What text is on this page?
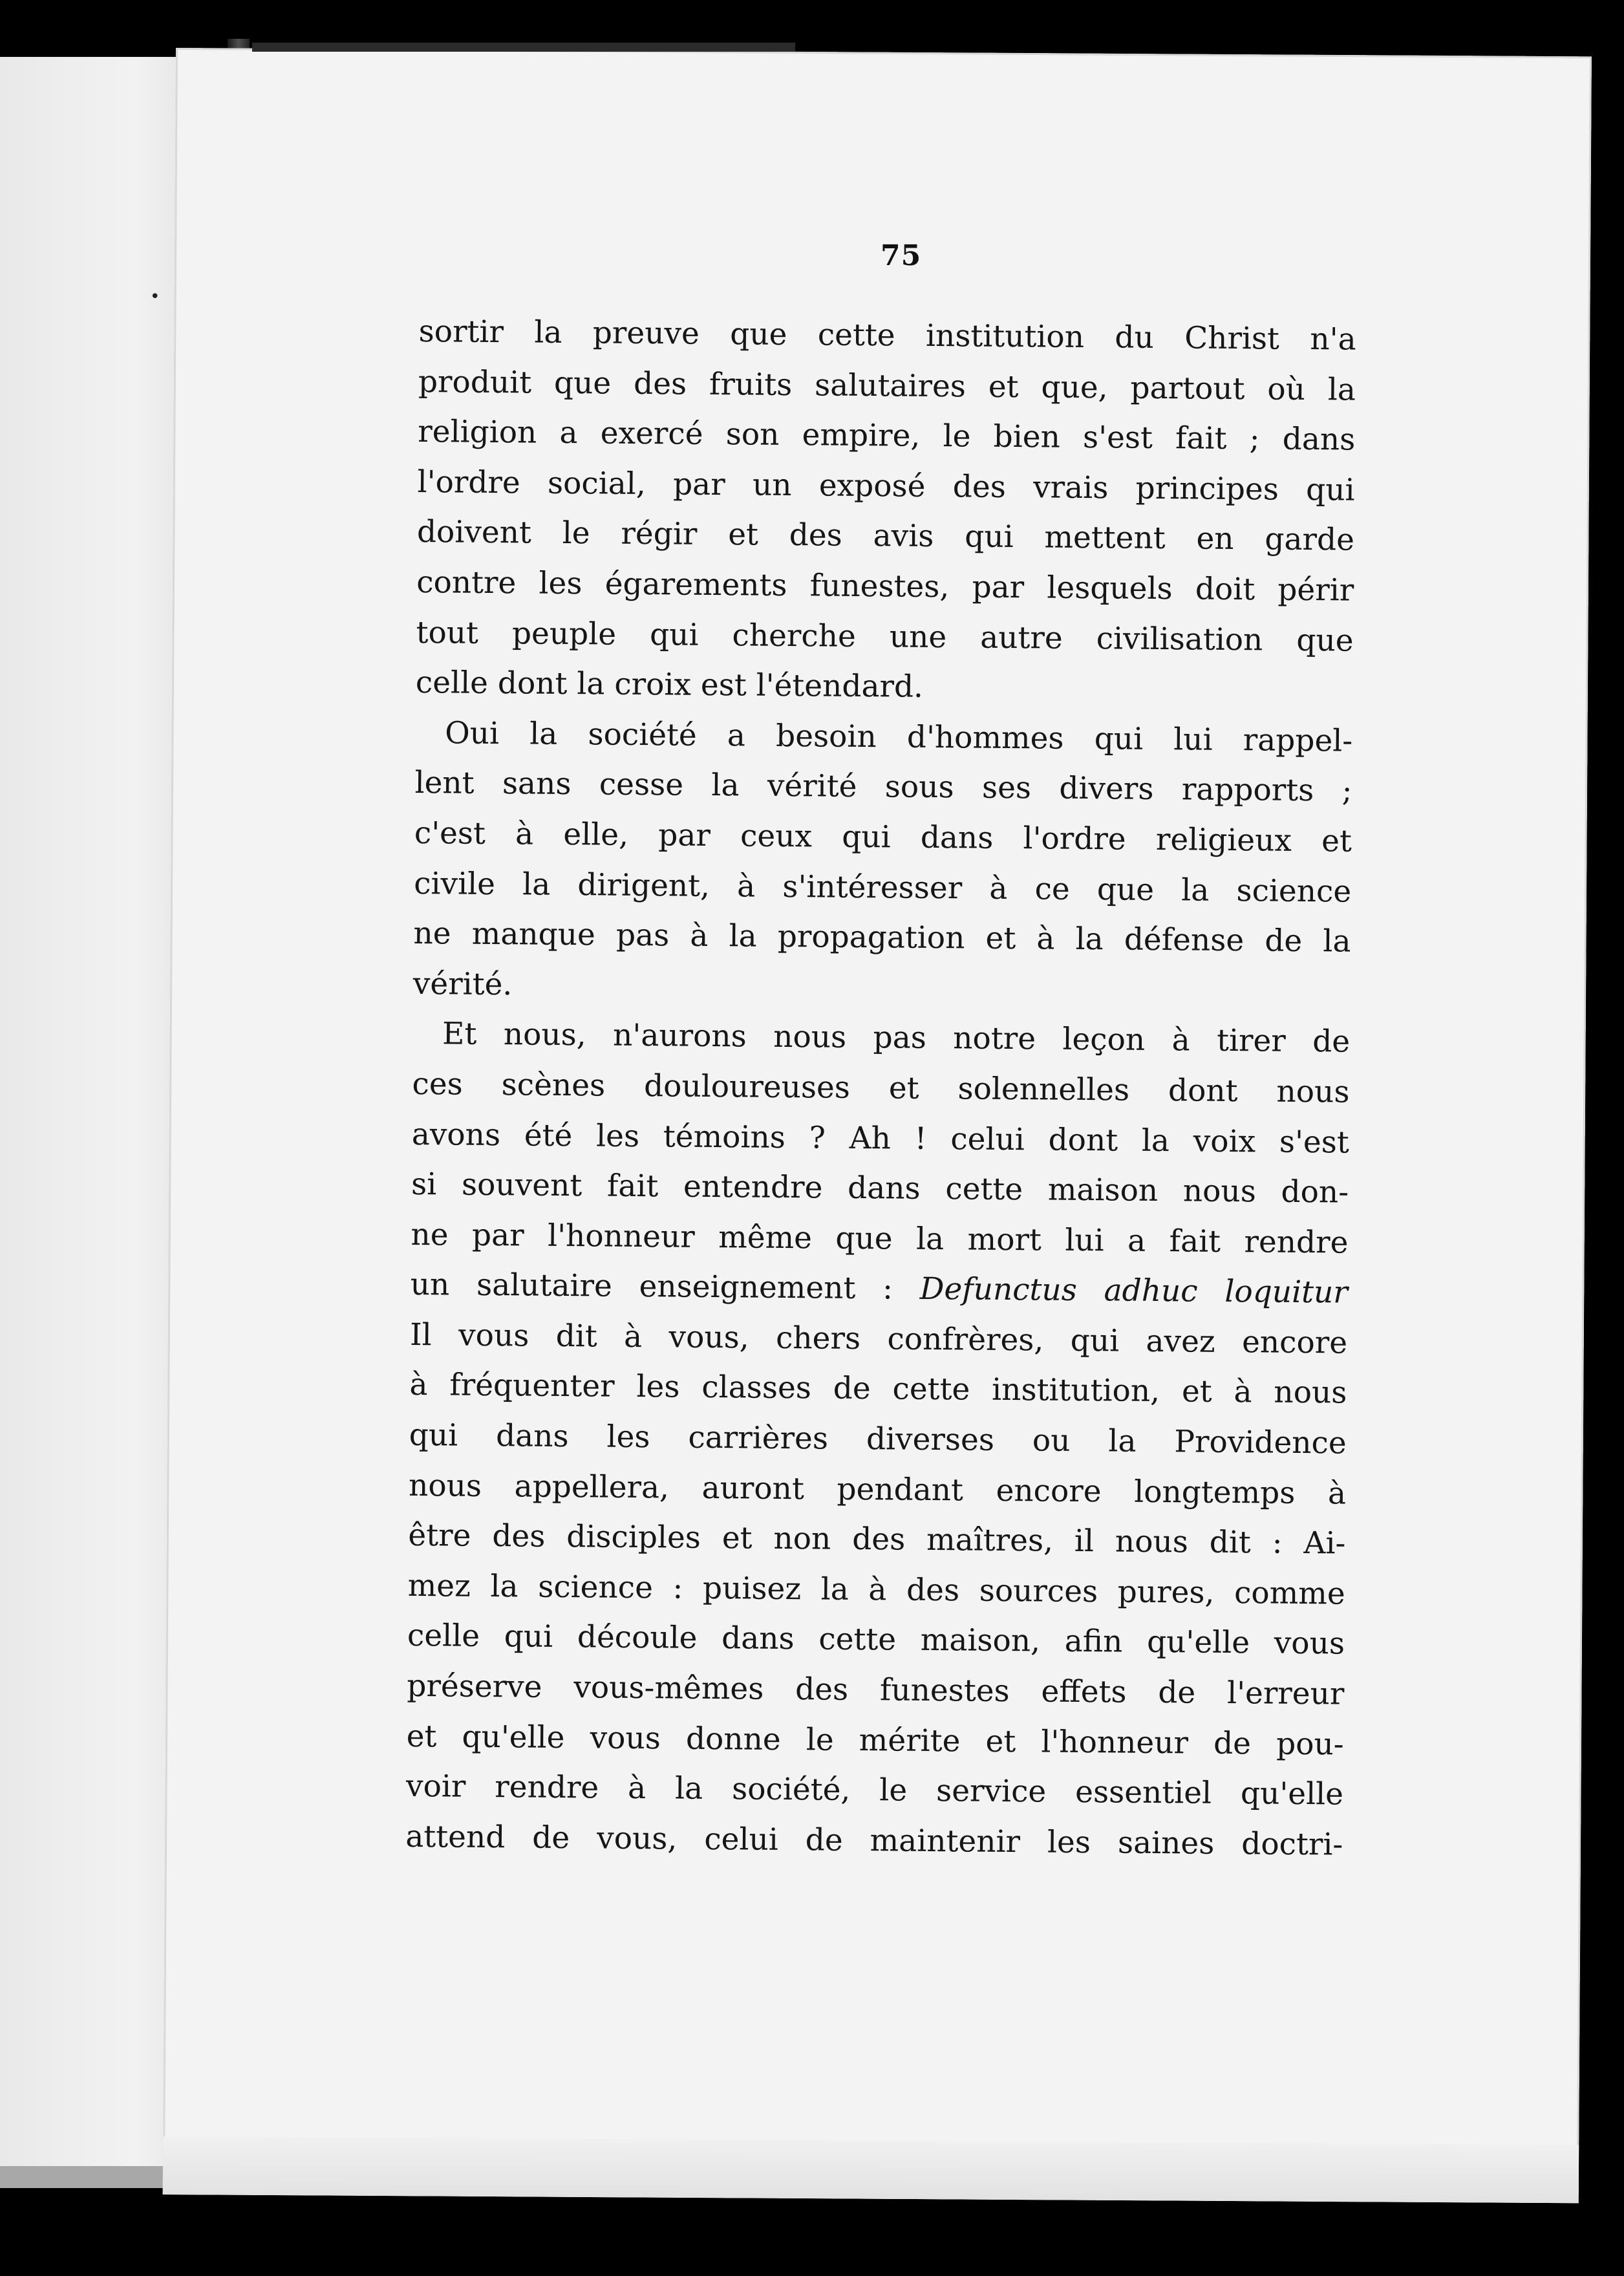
•
75
sortir la preuve que cette institution du Christ n'a
produit que des fruits salutaires et que, partout où la
religion a exercé son empire, le bien s'est fait ; dans
l'ordre social, par un exposé des vrais principes qui
doivent le régir et des avis qui mettent en garde
contre les égarements funestes, par lesquels doit périr
tout peuple qui cherche une autre civilisation que
celle dont la croix est l'étendard.
Oui la société a besoin d'hommes qui lui rappel-
lent sans cesse la vérité sous ses divers rapports ;
c'est à elle, par ceux qui dans l'ordre religieux et
civile la dirigent, à s'intéresser à ce que la science
ne manque pas à la propagation et à la défense de la
vérité.
Et nous, n'aurons nous pas notre leçon à tirer de
ces scènes douloureuses et solennelles dont nous
avons été les témoins ? Ah ! celui dont la voix s'est
si souvent fait entendre dans cette maison nous don-
ne par l'honneur même que la mort lui a fait rendre
un salutaire enseignement : Defunctus adhuc loquitur
Il vous dit à vous, chers confrères, qui avez encore
à fréquenter les classes de cette institution, et à nous
qui dans les carrières diverses ou la Providence
nous appellera, auront pendant encore longtemps à
être des disciples et non des maîtres, il nous dit : Ai-
mez la science : puisez la à des sources pures, comme
celle qui découle dans cette maison, afin qu'elle vous
préserve vous-mêmes des funestes effets de l'erreur
et qu'elle vous donne le mérite et l'honneur de pou-
voir rendre à la société, le service essentiel qu'elle
attend de vous, celui de maintenir les saines doctri-
